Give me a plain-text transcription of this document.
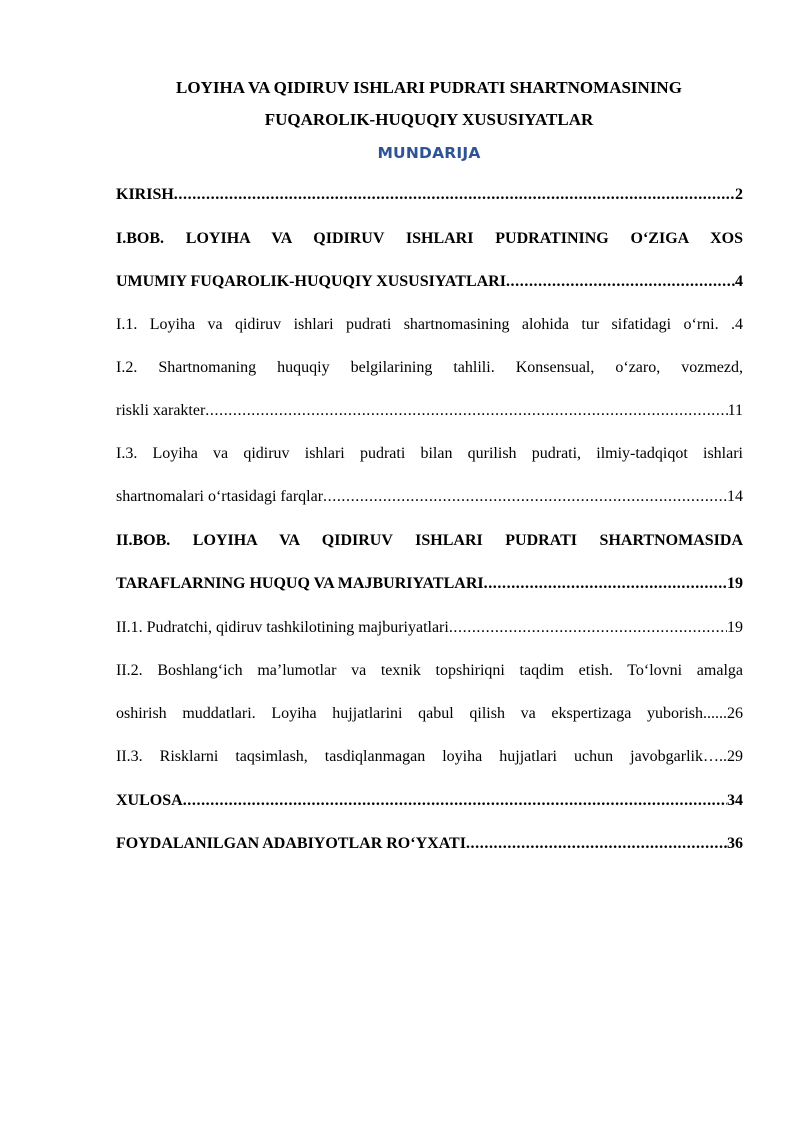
LOYIHA VA QIDIRUV ISHLARI PUDRATI SHARTNOMASINING
FUQAROLIK-HUQUQIY XUSUSIYATLAR
MUNDARIJA
KIRISH .....	2
I.BOB. LOYIHA VA QIDIRUV ISHLARI PUDRATINING O‘ZIGA XOS
UMUMIY FUQAROLIK-HUQUQIY XUSUSIYATLARI .....	4
I.1. Loyiha va qidiruv ishlari pudrati shartnomasining alohida tur sifatidagi o‘rni. .4
I.2. Shartnomaning huquqiy belgilarining tahlili. Konsensual, o‘zaro, vozmezd,
riskli xarakter .....	11
I.3. Loyiha va qidiruv ishlari pudrati bilan qurilish pudrati, ilmiy-tadqiqot ishlari
shartnomalari o‘rtasidagi farqlar .....	14
II.BOB. LOYIHA VA QIDIRUV ISHLARI PUDRATI SHARTNOMASIDA
TARAFLARNING HUQUQ VA MAJBURIYATLARI .....	19
II.1. Pudratchi, qidiruv tashkilotining majburiyatlari .....	19
II.2. Boshlang‘ich ma’lumotlar va texnik topshiriqni taqdim etish. To‘lovni amalga
oshirish muddatlari. Loyiha hujjatlarini qabul qilish va ekspertizaga yuborish......26
II.3. Risklarni taqsimlash, tasdiqlanmagan loyiha hujjatlari uchun javobgarlik…..29
XULOSA .....	34
FOYDALANILGAN ADABIYOTLAR RO‘YXATI .....	36
